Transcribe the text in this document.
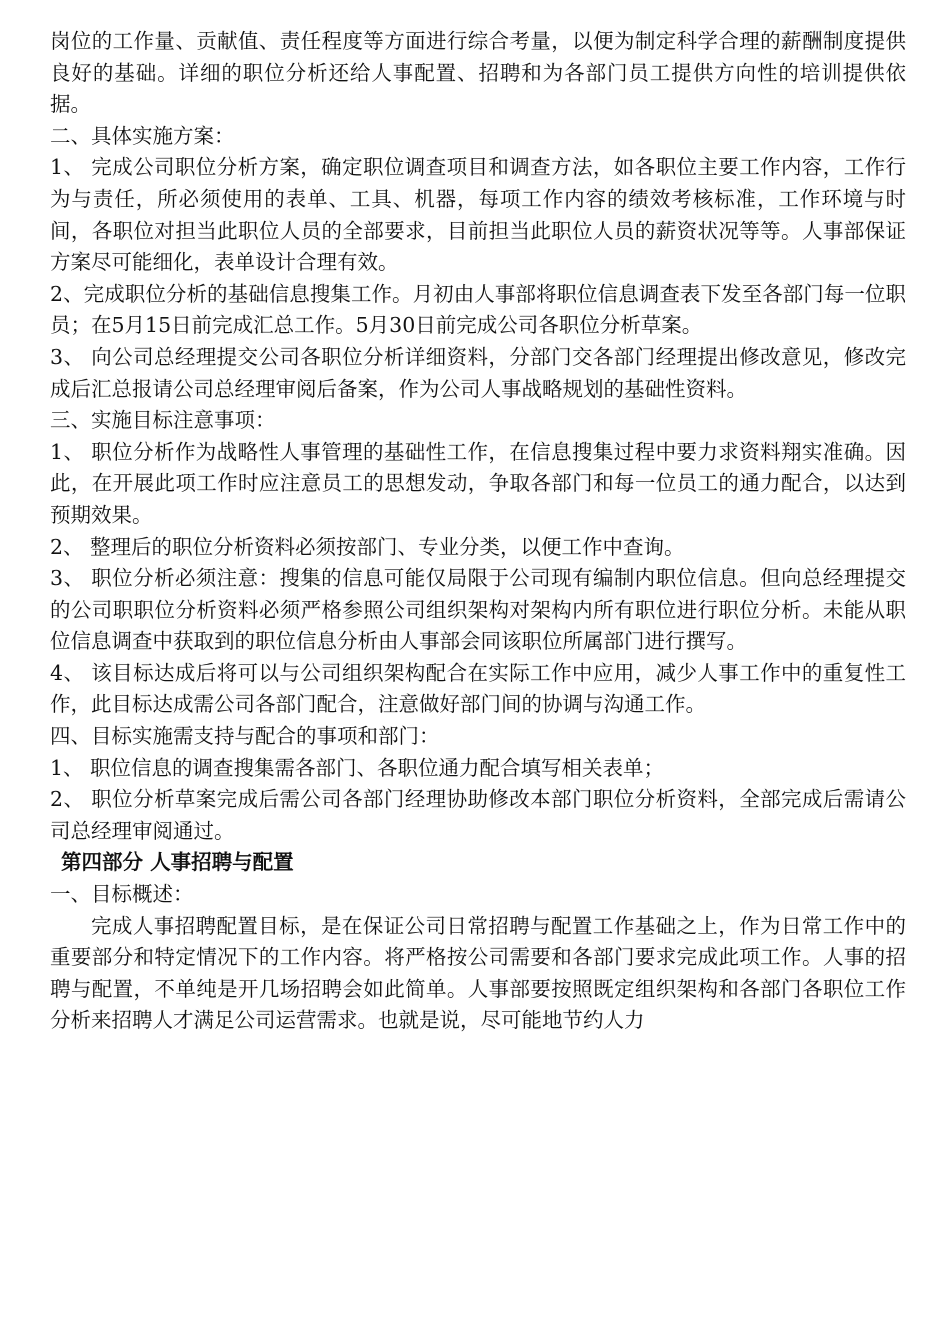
岗位的工作量、贡献值、责任程度等方面进行综合考量，以便为制定科学合理的薪酬制度提供良好的基础。详细的职位分析还给人事配置、招聘和为各部门员工提供方向性的培训提供依据。

二、具体实施方案：

1、 完成公司职位分析方案，确定职位调查项目和调查方法，如各职位主要工作内容，工作行为与责任，所必须使用的表单、工具、机器，每项工作内容的绩效考核标准，工作环境与时间，各职位对担当此职位人员的全部要求，目前担当此职位人员的薪资状况等等。人事部保证方案尽可能细化，表单设计合理有效。

2、完成职位分析的基础信息搜集工作。月初由人事部将职位信息调查表下发至各部门每一位职员；在5月15日前完成汇总工作。5月30日前完成公司各职位分析草案。

3、 向公司总经理提交公司各职位分析详细资料，分部门交各部门经理提出修改意见，修改完成后汇总报请公司总经理审阅后备案，作为公司人事战略规划的基础性资料。

三、实施目标注意事项：

1、 职位分析作为战略性人事管理的基础性工作，在信息搜集过程中要力求资料翔实准确。因此，在开展此项工作时应注意员工的思想发动，争取各部门和每一位员工的通力配合，以达到预期效果。

2、 整理后的职位分析资料必须按部门、专业分类，以便工作中查询。

3、 职位分析必须注意：搜集的信息可能仅局限于公司现有编制内职位信息。但向总经理提交的公司职职位分析资料必须严格参照公司组织架构对架构内所有职位进行职位分析。未能从职位信息调查中获取到的职位信息分析由人事部会同该职位所属部门进行撰写。

4、 该目标达成后将可以与公司组织架构配合在实际工作中应用，减少人事工作中的重复性工作，此目标达成需公司各部门配合，注意做好部门间的协调与沟通工作。

四、目标实施需支持与配合的事项和部门：

1、 职位信息的调查搜集需各部门、各职位通力配合填写相关表单；

2、 职位分析草案完成后需公司各部门经理协助修改本部门职位分析资料，全部完成后需请公司总经理审阅通过。

第四部分 人事招聘与配置

一、目标概述：

完成人事招聘配置目标，是在保证公司日常招聘与配置工作基础之上，作为日常工作中的重要部分和特定情况下的工作内容。将严格按公司需要和各部门要求完成此项工作。人事的招聘与配置，不单纯是开几场招聘会如此简单。人事部要按照既定组织架构和各部门各职位工作分析来招聘人才满足公司运营需求。也就是说，尽可能地节约人力
